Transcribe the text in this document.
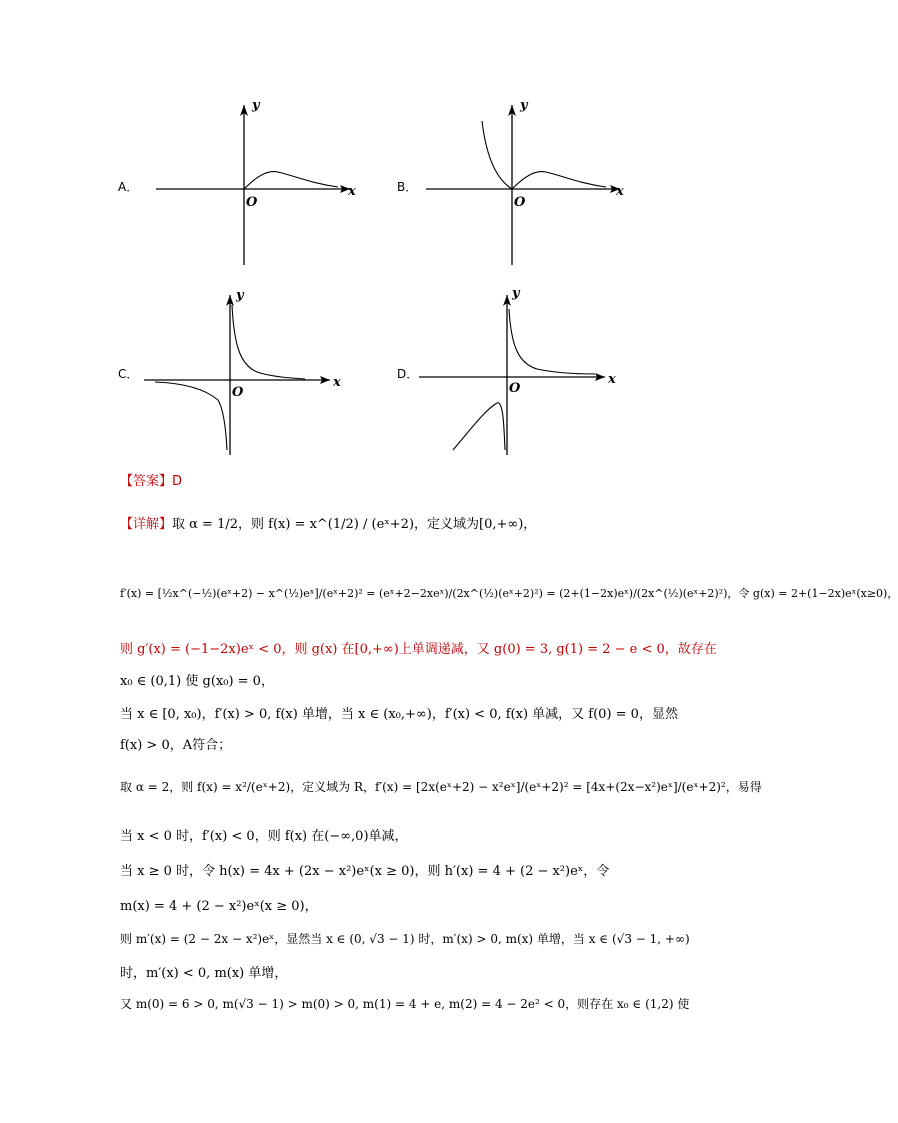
A．
y
x
O
B．
y
x
O
C．
y
x
O
D．
y
x
O
【答案】D
【详解】取 α = 1/2，则 f(x) = x^(1/2) / (eˣ+2)，定义域为[0,+∞)，
f′(x) = [½x^(−½)(eˣ+2) − x^(½)eˣ]/(eˣ+2)² = (eˣ+2−2xeˣ)/(2x^(½)(eˣ+2)²) = (2+(1−2x)eˣ)/(2x^(½)(eˣ+2)²)，令 g(x) = 2+(1−2x)eˣ(x≥0)，
则 g′(x) = (−1−2x)eˣ < 0，则 g(x) 在[0,+∞)上单调递减，又 g(0) = 3, g(1) = 2 − e < 0，故存在
x₀ ∈ (0,1) 使 g(x₀) = 0，
当 x ∈ [0, x₀)，f′(x) > 0, f(x) 单增，当 x ∈ (x₀,+∞)，f′(x) < 0, f(x) 单减，又 f(0) = 0，显然
f(x) > 0，A符合；
取 α = 2，则 f(x) = x²/(eˣ+2)，定义域为 R，f′(x) = [2x(eˣ+2) − x²eˣ]/(eˣ+2)² = [4x+(2x−x²)eˣ]/(eˣ+2)²，易得
当 x < 0 时，f′(x) < 0，则 f(x) 在(−∞,0)单减，
当 x ≥ 0 时，令 h(x) = 4x + (2x − x²)eˣ(x ≥ 0)，则 h′(x) = 4 + (2 − x²)eˣ，令
m(x) = 4 + (2 − x²)eˣ(x ≥ 0)，
则 m′(x) = (2 − 2x − x²)eˣ，显然当 x ∈ (0, √3 − 1) 时，m′(x) > 0, m(x) 单增，当 x ∈ (√3 − 1, +∞)
时，m′(x) < 0, m(x) 单增，
又 m(0) = 6 > 0, m(√3 − 1) > m(0) > 0, m(1) = 4 + e, m(2) = 4 − 2e² < 0，则存在 x₀ ∈ (1,2) 使
